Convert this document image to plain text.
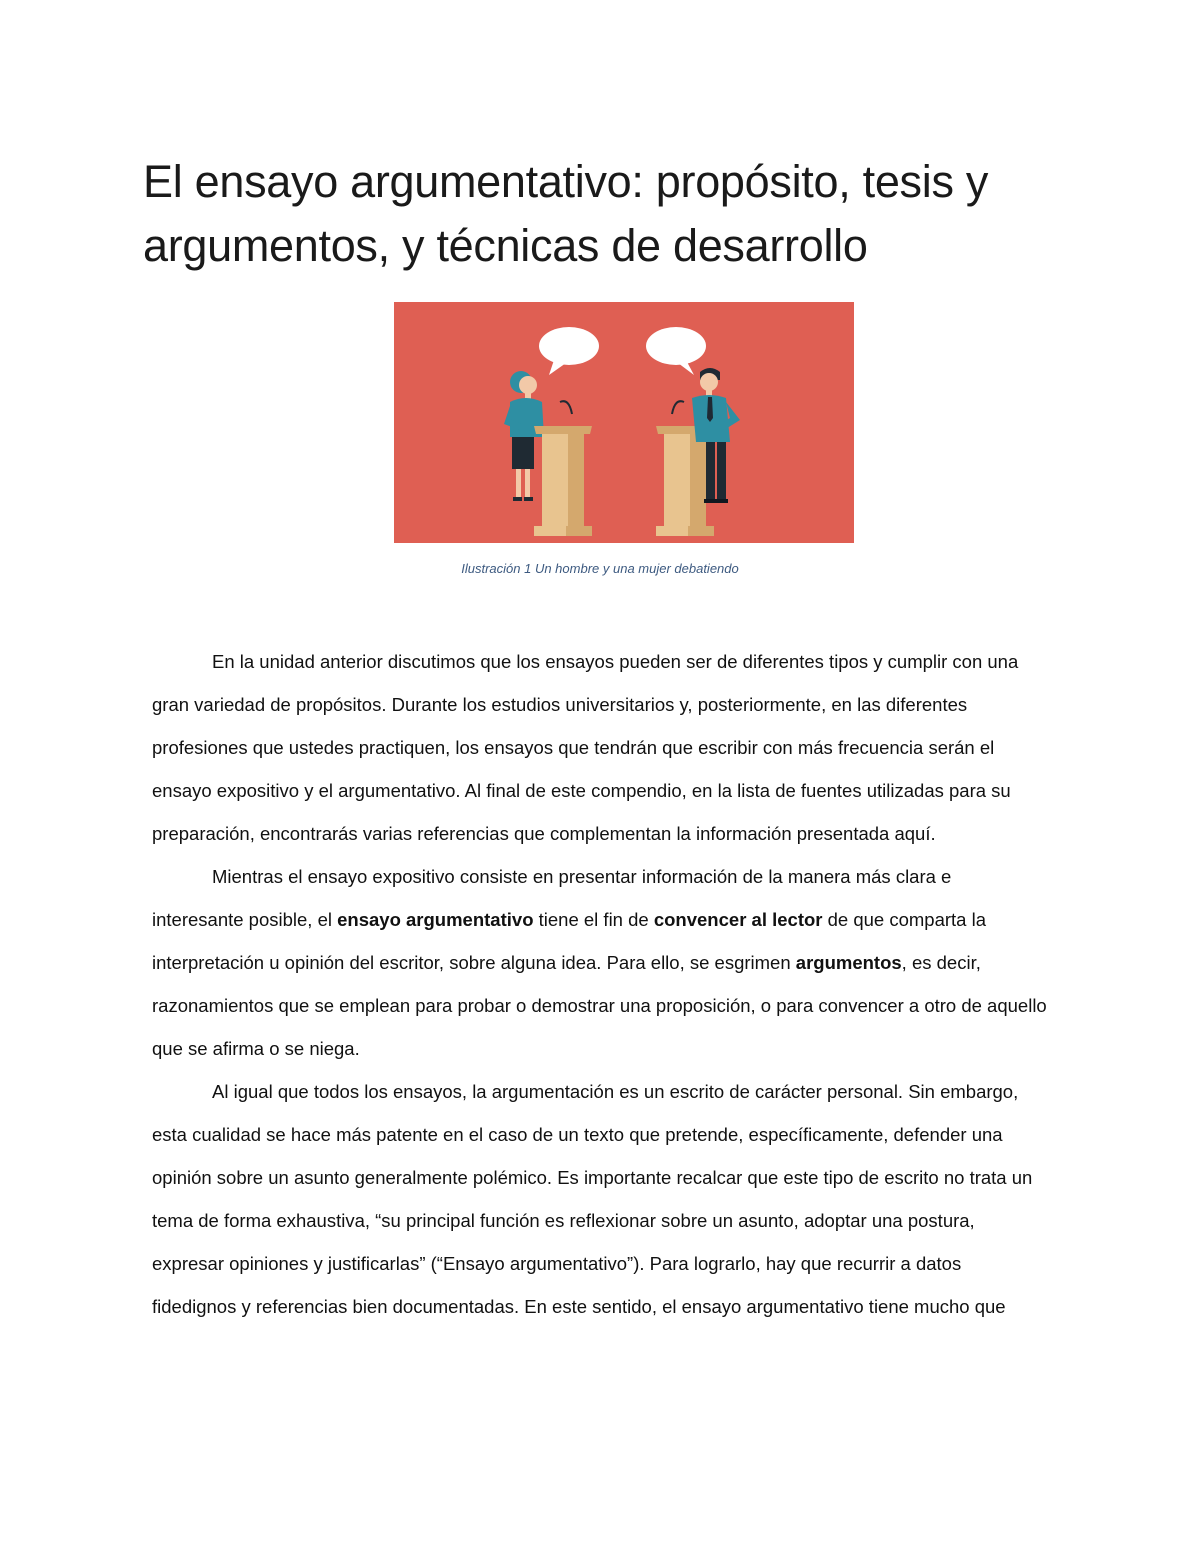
El ensayo argumentativo: propósito, tesis y argumentos, y técnicas de desarrollo
Ilustración 1 Un hombre y una mujer debatiendo

En la unidad anterior discutimos que los ensayos pueden ser de diferentes tipos y cumplir con una gran variedad de propósitos. Durante los estudios universitarios y, posteriormente, en las diferentes profesiones que ustedes practiquen, los ensayos que tendrán que escribir con más frecuencia serán el ensayo expositivo y el argumentativo. Al final de este compendio, en la lista de fuentes utilizadas para su preparación, encontrarás varias referencias que complementan la información presentada aquí.

Mientras el ensayo expositivo consiste en presentar información de la manera más clara e interesante posible, el ensayo argumentativo tiene el fin de convencer al lector de que comparta la interpretación u opinión del escritor, sobre alguna idea. Para ello, se esgrimen argumentos, es decir, razonamientos que se emplean para probar o demostrar una proposición, o para convencer a otro de aquello que se afirma o se niega.

Al igual que todos los ensayos, la argumentación es un escrito de carácter personal. Sin embargo, esta cualidad se hace más patente en el caso de un texto que pretende, específicamente, defender una opinión sobre un asunto generalmente polémico. Es importante recalcar que este tipo de escrito no trata un tema de forma exhaustiva, “su principal función es reflexionar sobre un asunto, adoptar una postura, expresar opiniones y justificarlas” (“Ensayo argumentativo”). Para lograrlo, hay que recurrir a datos fidedignos y referencias bien documentadas. En este sentido, el ensayo argumentativo tiene mucho que
